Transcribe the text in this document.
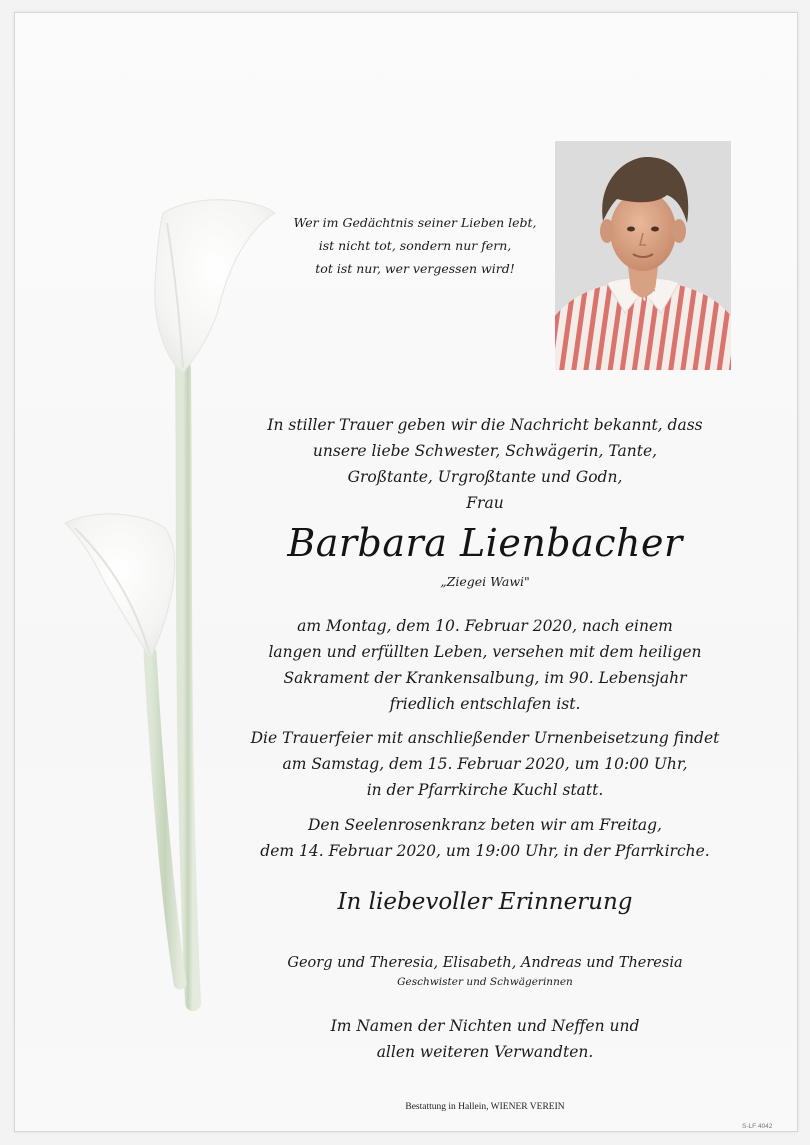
Wer im Gedächtnis seiner Lieben lebt,
ist nicht tot, sondern nur fern,
tot ist nur, wer vergessen wird!
In stiller Trauer geben wir die Nachricht bekannt, dass
unsere liebe Schwester, Schwägerin, Tante,
Großtante, Urgroßtante und Godn,
Frau
Barbara Lienbacher
„Ziegei Wawi"
am Montag, dem 10. Februar 2020, nach einem
langen und erfüllten Leben, versehen mit dem heiligen
Sakrament der Krankensalbung, im 90. Lebensjahr
friedlich entschlafen ist.
Die Trauerfeier mit anschließender Urnenbeisetzung findet
am Samstag, dem 15. Februar 2020, um 10:00 Uhr,
in der Pfarrkirche Kuchl statt.
Den Seelenrosenkranz beten wir am Freitag,
dem 14. Februar 2020, um 19:00 Uhr, in der Pfarrkirche.
In liebevoller Erinnerung
Georg und Theresia, Elisabeth, Andreas und Theresia
Geschwister und Schwägerinnen
Im Namen der Nichten und Neffen und
allen weiteren Verwandten.
Bestattung in Hallein, WIENER VEREIN
S-LF 4042
